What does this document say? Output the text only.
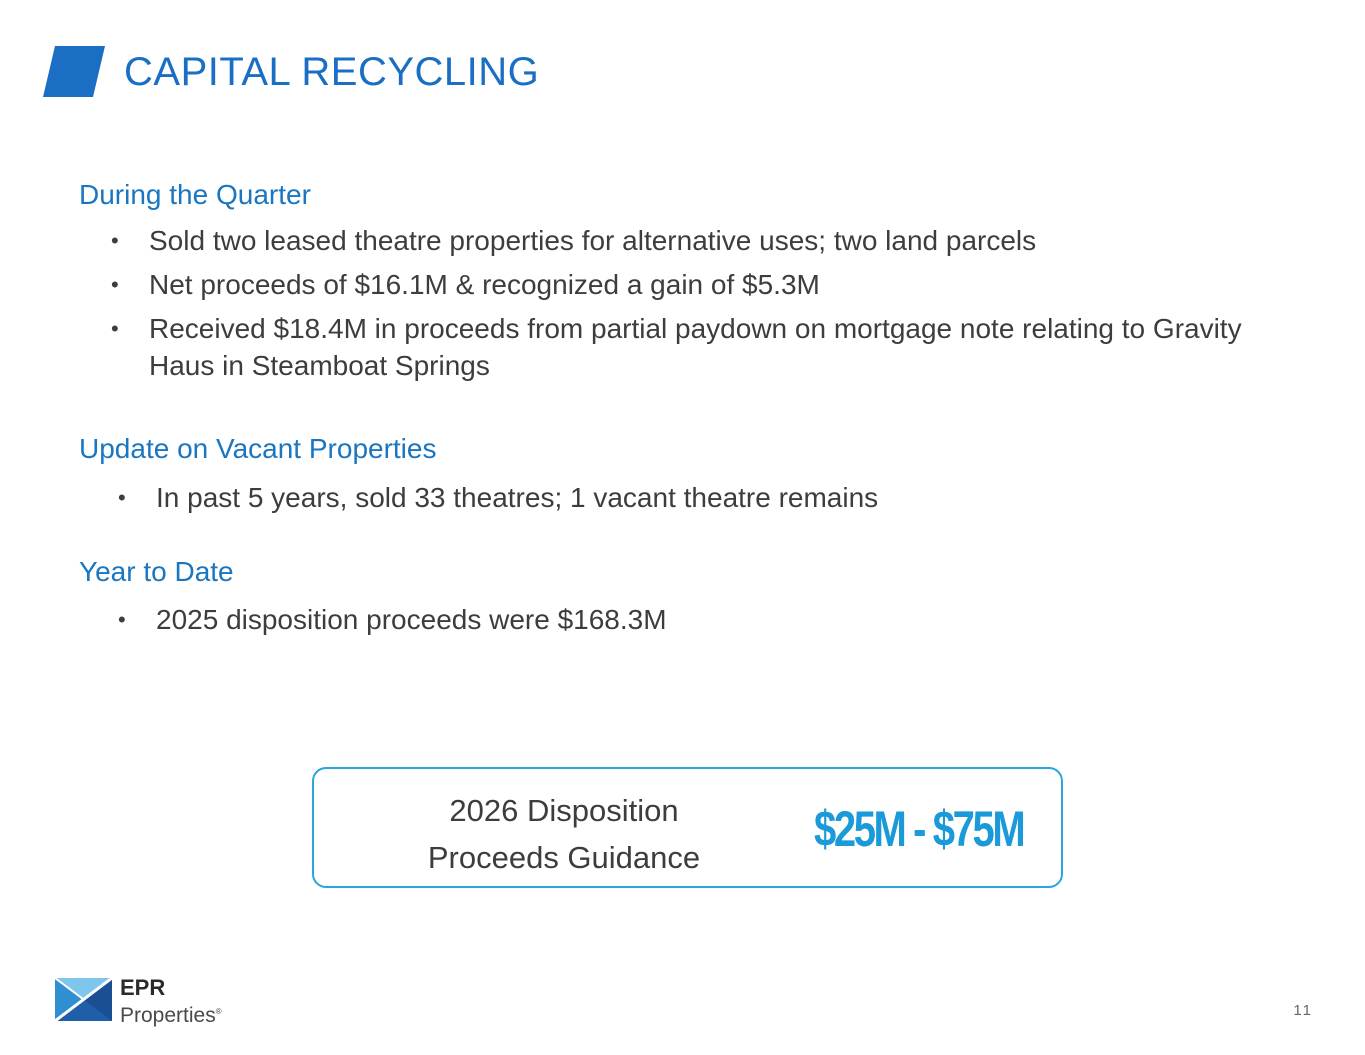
CAPITAL RECYCLING
During the Quarter
• Sold two leased theatre properties for alternative uses; two land parcels
• Net proceeds of $16.1M & recognized a gain of $5.3M
• Received $18.4M in proceeds from partial paydown on mortgage note relating to Gravity Haus in Steamboat Springs
Update on Vacant Properties
• In past 5 years, sold 33 theatres; 1 vacant theatre remains
Year to Date
• 2025 disposition proceeds were $168.3M

2026 Disposition
Proceeds Guidance

$25M - $75M
EPR
Properties®	11
